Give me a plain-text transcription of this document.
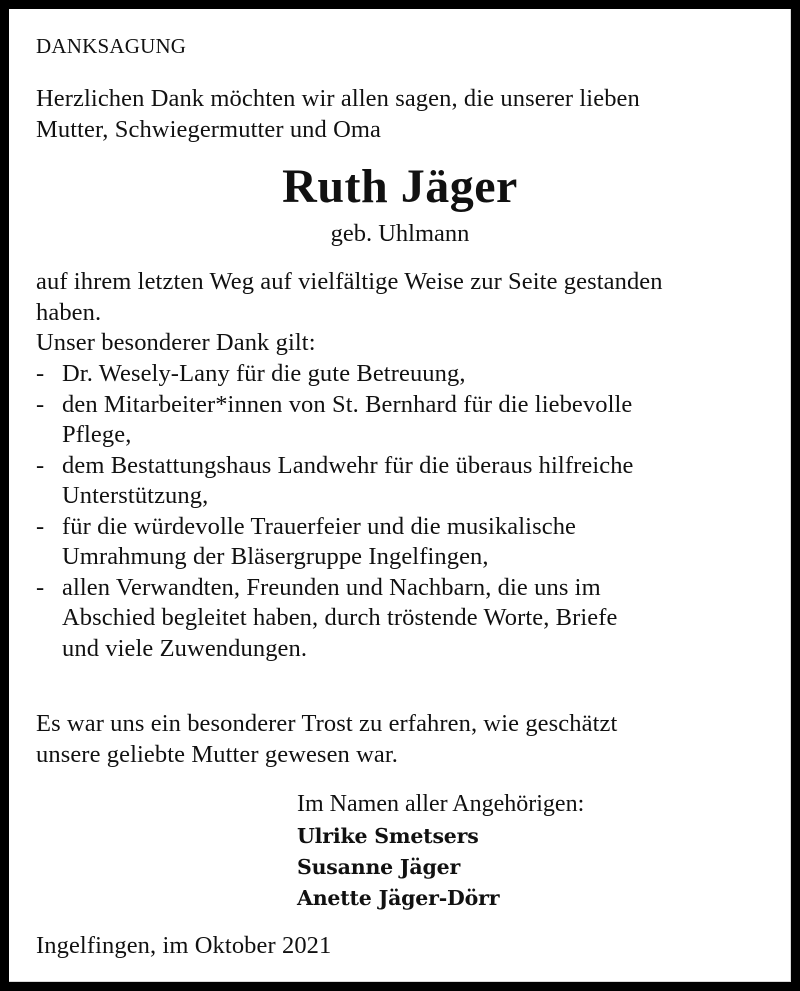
DANKSAGUNG

Herzlichen Dank möchten wir allen sagen, die unserer lieben
Mutter, Schwiegermutter und Oma

Ruth Jäger

geb. Uhlmann

auf ihrem letzten Weg auf vielfältige Weise zur Seite gestanden
haben.
Unser besonderer Dank gilt:

- Dr. Wesely-Lany für die gute Betreuung,
- den Mitarbeiter*innen von St. Bernhard für die liebevolle
Pflege,
- dem Bestattungshaus Landwehr für die überaus hilfreiche
Unterstützung,
- für die würdevolle Trauerfeier und die musikalische
Umrahmung der Bläsergruppe Ingelfingen,
- allen Verwandten, Freunden und Nachbarn, die uns im
Abschied begleitet haben, durch tröstende Worte, Briefe
und viele Zuwendungen.

Es war uns ein besonderer Trost zu erfahren, wie geschätzt
unsere geliebte Mutter gewesen war.

Im Namen aller Angehörigen:
Ulrike Smetsers
Susanne Jäger
Anette Jäger-Dörr

Ingelfingen, im Oktober 2021
